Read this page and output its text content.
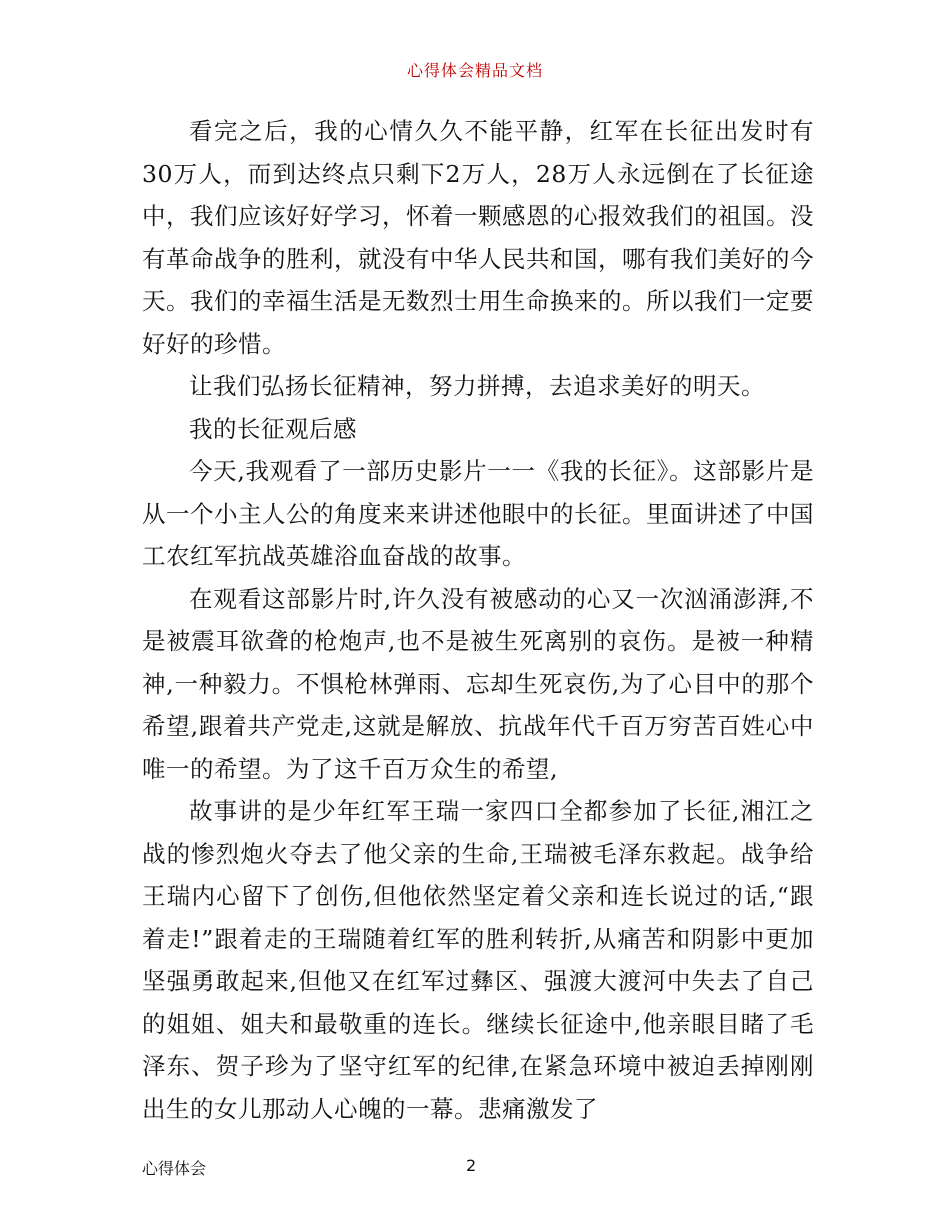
心得体会精品文档

看完之后，我的心情久久不能平静，红军在长征出发时有30万人，而到达终点只剩下2万人，28万人永远倒在了长征途中，我们应该好好学习，怀着一颗感恩的心报效我们的祖国。没有革命战争的胜利，就没有中华人民共和国，哪有我们美好的今天。我们的幸福生活是无数烈士用生命换来的。所以我们一定要好好的珍惜。

让我们弘扬长征精神，努力拼搏，去追求美好的明天。

我的长征观后感

今天,我观看了一部历史影片一一《我的长征》。这部影片是从一个小主人公的角度来来讲述他眼中的长征。里面讲述了中国工农红军抗战英雄浴血奋战的故事。

在观看这部影片时,许久没有被感动的心又一次汹涌澎湃,不是被震耳欲聋的枪炮声,也不是被生死离别的哀伤。是被一种精神,一种毅力。不惧枪林弹雨、忘却生死哀伤,为了心目中的那个希望,跟着共产党走,这就是解放、抗战年代千百万穷苦百姓心中唯一的希望。为了这千百万众生的希望,

故事讲的是少年红军王瑞一家四口全都参加了长征,湘江之战的惨烈炮火夺去了他父亲的生命,王瑞被毛泽东救起。战争给王瑞内心留下了创伤,但他依然坚定着父亲和连长说过的话,“跟着走!”跟着走的王瑞随着红军的胜利转折,从痛苦和阴影中更加坚强勇敢起来,但他又在红军过彝区、强渡大渡河中失去了自己的姐姐、姐夫和最敬重的连长。继续长征途中,他亲眼目睹了毛泽东、贺子珍为了坚守红军的纪律,在紧急环境中被迫丢掉刚刚出生的女儿那动人心魄的一幕。悲痛激发了

心得体会	2
